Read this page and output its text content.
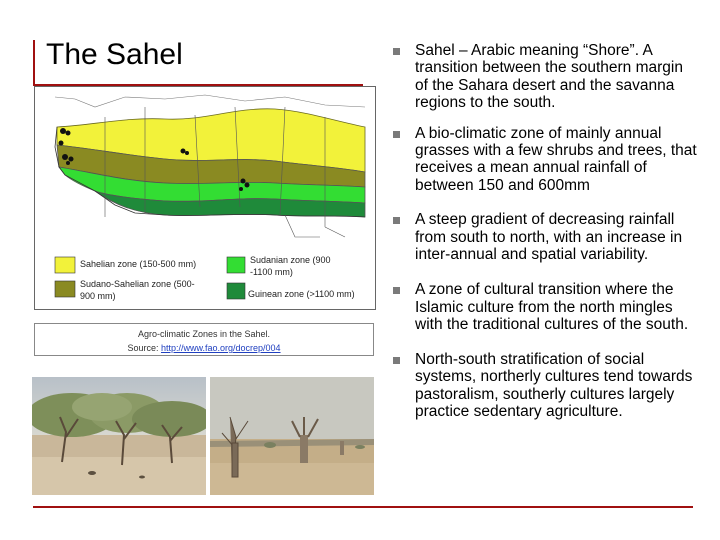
The Sahel
Sahelian zone (150-500 mm)	Sudanian zone (900
-1100 mm)
Sudano-Sahelian zone (500-
900 mm)	Guinean zone (>1100 mm)
Agro-climatic Zones in the Sahel.
Source: http://www.fao.org/docrep/004
Sahel – Arabic meaning “Shore”. A transition between the southern margin of the Sahara desert and the savanna regions to the south.
A bio-climatic zone of mainly annual grasses with a few shrubs and trees, that receives a mean annual rainfall of between 150 and 600mm
A steep gradient of decreasing rainfall from south to north, with an increase in inter-annual and spatial variability.
A zone of cultural transition where the Islamic culture from the north mingles with the traditional cultures of the south.
North-south stratification of social systems, northerly cultures tend towards pastoralism, southerly cultures largely practice sedentary agriculture.
